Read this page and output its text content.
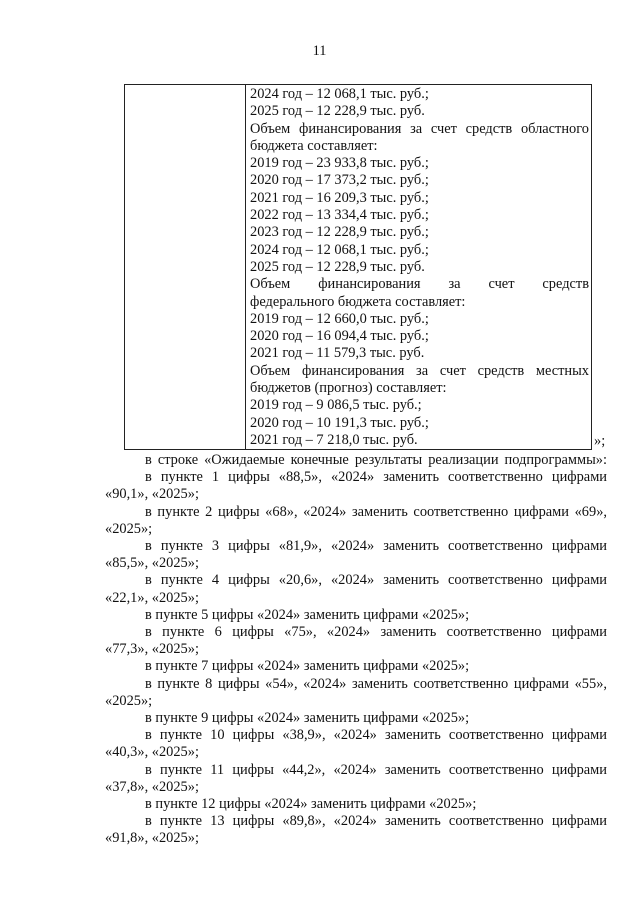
11

2024 год – 12 068,1 тыс. руб.;
2025 год – 12 228,9 тыс. руб.
Объем финансирования за счет средств областного
бюджета составляет:
2019 год – 23 933,8 тыс. руб.;
2020 год – 17 373,2 тыс. руб.;
2021 год – 16 209,3 тыс. руб.;
2022 год – 13 334,4 тыс. руб.;
2023 год – 12 228,9 тыс. руб.;
2024 год – 12 068,1 тыс. руб.;
2025 год – 12 228,9 тыс. руб.
Объем финансирования за счет средств
федерального бюджета составляет:
2019 год – 12 660,0 тыс. руб.;
2020 год – 16 094,4 тыс. руб.;
2021 год – 11 579,3 тыс. руб.
Объем финансирования за счет средств местных
бюджетов (прогноз) составляет:
2019 год – 9 086,5 тыс. руб.;
2020 год – 10 191,3 тыс. руб.;
2021 год – 7 218,0 тыс. руб.	»;
в строке «Ожидаемые конечные результаты реализации подпрограммы»:
в пункте 1 цифры «88,5», «2024» заменить соответственно цифрами
«90,1», «2025»;
в пункте 2 цифры «68», «2024» заменить соответственно цифрами «69»,
«2025»;
в пункте 3 цифры «81,9», «2024» заменить соответственно цифрами
«85,5», «2025»;
в пункте 4 цифры «20,6», «2024» заменить соответственно цифрами
«22,1», «2025»;
в пункте 5 цифры «2024» заменить цифрами «2025»;
в пункте 6 цифры «75», «2024» заменить соответственно цифрами
«77,3», «2025»;
в пункте 7 цифры «2024» заменить цифрами «2025»;
в пункте 8 цифры «54», «2024» заменить соответственно цифрами «55»,
«2025»;
в пункте 9 цифры «2024» заменить цифрами «2025»;
в пункте 10 цифры «38,9», «2024» заменить соответственно цифрами
«40,3», «2025»;
в пункте 11 цифры «44,2», «2024» заменить соответственно цифрами
«37,8», «2025»;
в пункте 12 цифры «2024» заменить цифрами «2025»;
в пункте 13 цифры «89,8», «2024» заменить соответственно цифрами
«91,8», «2025»;
